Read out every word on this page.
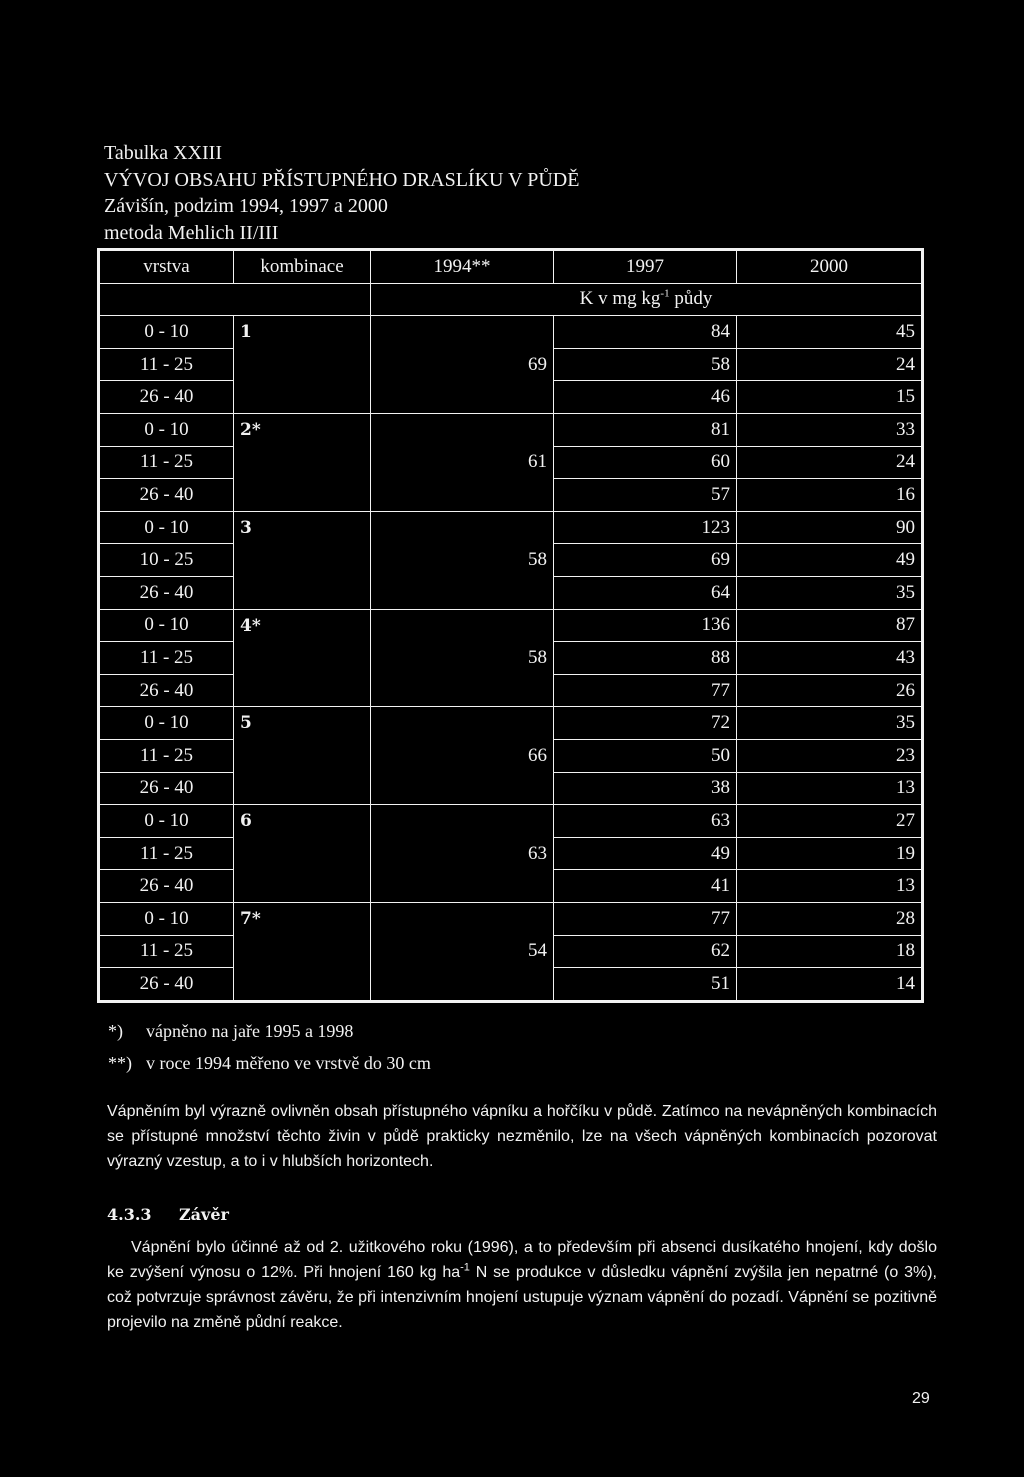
Tabulka XXIII
VÝVOJ OBSAHU PŘÍSTUPNÉHO DRASLÍKU V PŮDĚ
Závišín, podzim 1994, 1997 a 2000
metoda Mehlich II/III
vrstva	kombinace	1994**	1997	2000
		K v mg $kg^{-1}$ půdy		
0 - 10	1		84	45
11 - 25		69	58	24
26 - 40			46	15
0 - 10	2*		81	33
11 - 25		61	60	24
26 - 40			57	16
0 - 10	3		123	90
10 - 25		58	69	49
26 - 40			64	35
0 - 10	4*		136	87
11 - 25		58	88	43
26 - 40			77	26
0 - 10	5		72	35
11 - 25		66	50	23
26 - 40			38	13
0 - 10	6		63	27
11 - 25		63	49	19
26 - 40			41	13
0 - 10	7*		77	28
11 - 25		54	62	18
26 - 40			51	14
*) vápněno na jaře 1995 a 1998
**) v roce 1994 měřeno ve vrstvě do 30 cm
Vápněním byl výrazně ovlivněn obsah přístupného vápníku a hořčíku v půdě. Zatímco na nevápněných kombinacích se přístupné množství těchto živin v půdě prakticky nezměnilo, lze na všech vápněných kombinacích pozorovat výrazný vzestup, a to i v hlubších horizontech.
4.3.3 Závěr
Vápnění bylo účinné až od 2. užitkového roku (1996), a to především při absenci dusíkatého hnojení, kdy došlo ke zvýšení výnosu o 12%. Při hnojení 160 kg $ha^{-1}$ N se produkce v důsledku vápnění zvýšila jen nepatrné (o 3%), což potvrzuje správnost závěru, že při intenzivním hnojení ustupuje význam vápnění do pozadí. Vápnění se pozitivně projevilo na změně půdní reakce.
29
